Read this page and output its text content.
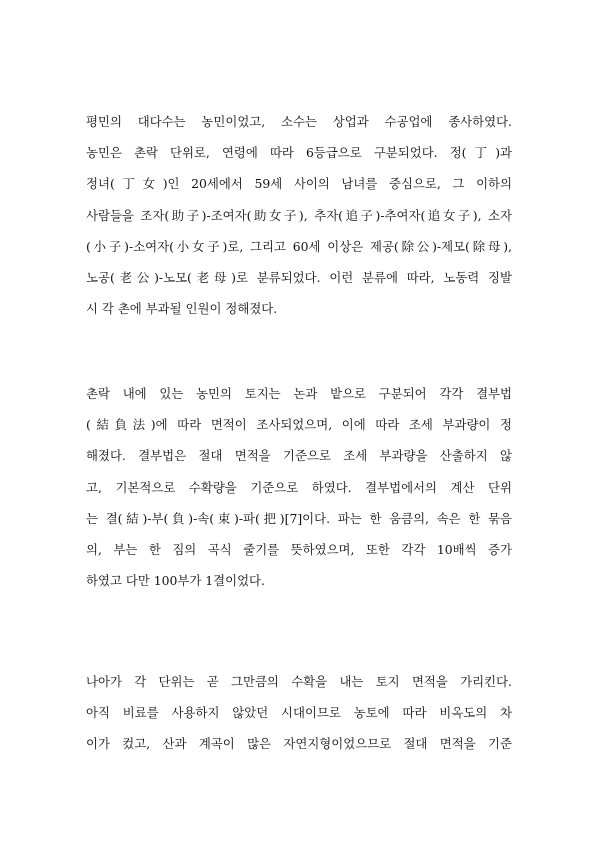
평민의 대다수는 농민이었고, 소수는 상업과 수공업에 종사하였다.
농민은 촌락 단위로, 연령에 따라 6등급으로 구분되었다. 정(丁)과
정녀(丁女)인 20세에서 59세 사이의 남녀를 중심으로, 그 이하의
사람들을 조자(助子)-조여자(助女子), 추자(追子)-추여자(追女子), 소자
(小子)-소여자(小女子)로, 그리고 60세 이상은 제공(除公)-제모(除母),
노공(老公)-노모(老母)로 분류되었다. 이런 분류에 따라, 노동력 징발
시 각 촌에 부과될 인원이 정해졌다.
촌락 내에 있는 농민의 토지는 논과 밭으로 구분되어 각각 결부법
(結負法)에 따라 면적이 조사되었으며, 이에 따라 조세 부과량이 정
해졌다. 결부법은 절대 면적을 기준으로 조세 부과량을 산출하지 않
고, 기본적으로 수확량을 기준으로 하였다. 결부법에서의 계산 단위
는 결(結)-부(負)-속(束)-파(把)[7]이다. 파는 한 움큼의, 속은 한 묶음
의, 부는 한 짐의 곡식 줄기를 뜻하였으며, 또한 각각 10배씩 증가
하였고 다만 100부가 1결이었다.
나아가 각 단위는 곧 그만큼의 수확을 내는 토지 면적을 가리킨다.
아직 비료를 사용하지 않았던 시대이므로 농토에 따라 비옥도의 차
이가 컸고, 산과 계곡이 많은 자연지형이었으므로 절대 면적을 기준
